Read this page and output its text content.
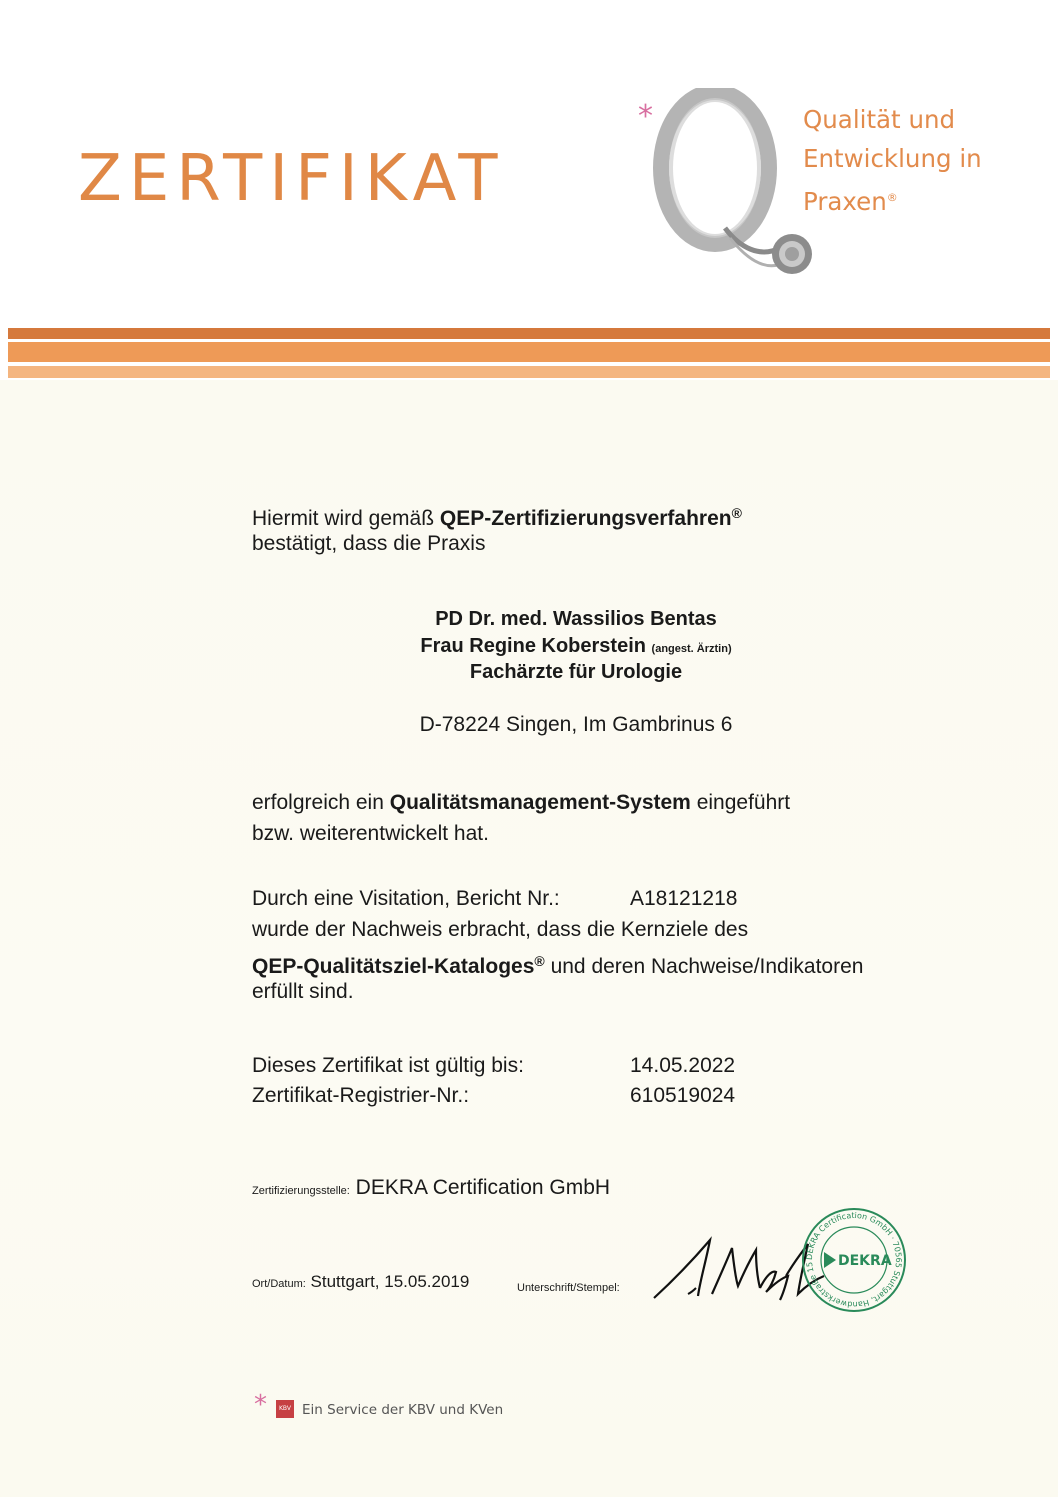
ZERTIFIKAT
*	Qualität und
Entwicklung in
Praxen®
Hiermit wird gemäß QEP-Zertifizierungsverfahren®
bestätigt, dass die Praxis
PD Dr. med. Wassilios Bentas
Frau Regine Koberstein (angest. Ärztin)
Fachärzte für Urologie
D-78224 Singen, Im Gambrinus 6
erfolgreich ein Qualitätsmanagement-System eingeführt
bzw. weiterentwickelt hat.
Durch eine Visitation, Bericht Nr.:	A18121218
wurde der Nachweis erbracht, dass die Kernziele des
QEP-Qualitätsziel-Kataloges® und deren Nachweise/Indikatoren
erfüllt sind.
Dieses Zertifikat ist gültig bis:	14.05.2022
Zertifikat-Registrier-Nr.:	610519024
Zertifizierungsstelle: DEKRA Certification GmbH
Ort/Datum: Stuttgart, 15.05.2019	Unterschrift/Stempel:
DEKRA Certification GmbH · 70565 Stuttgart, Handwerkstraße 15	DEKRA
*	KBV Ein Service der KBV und KVen
